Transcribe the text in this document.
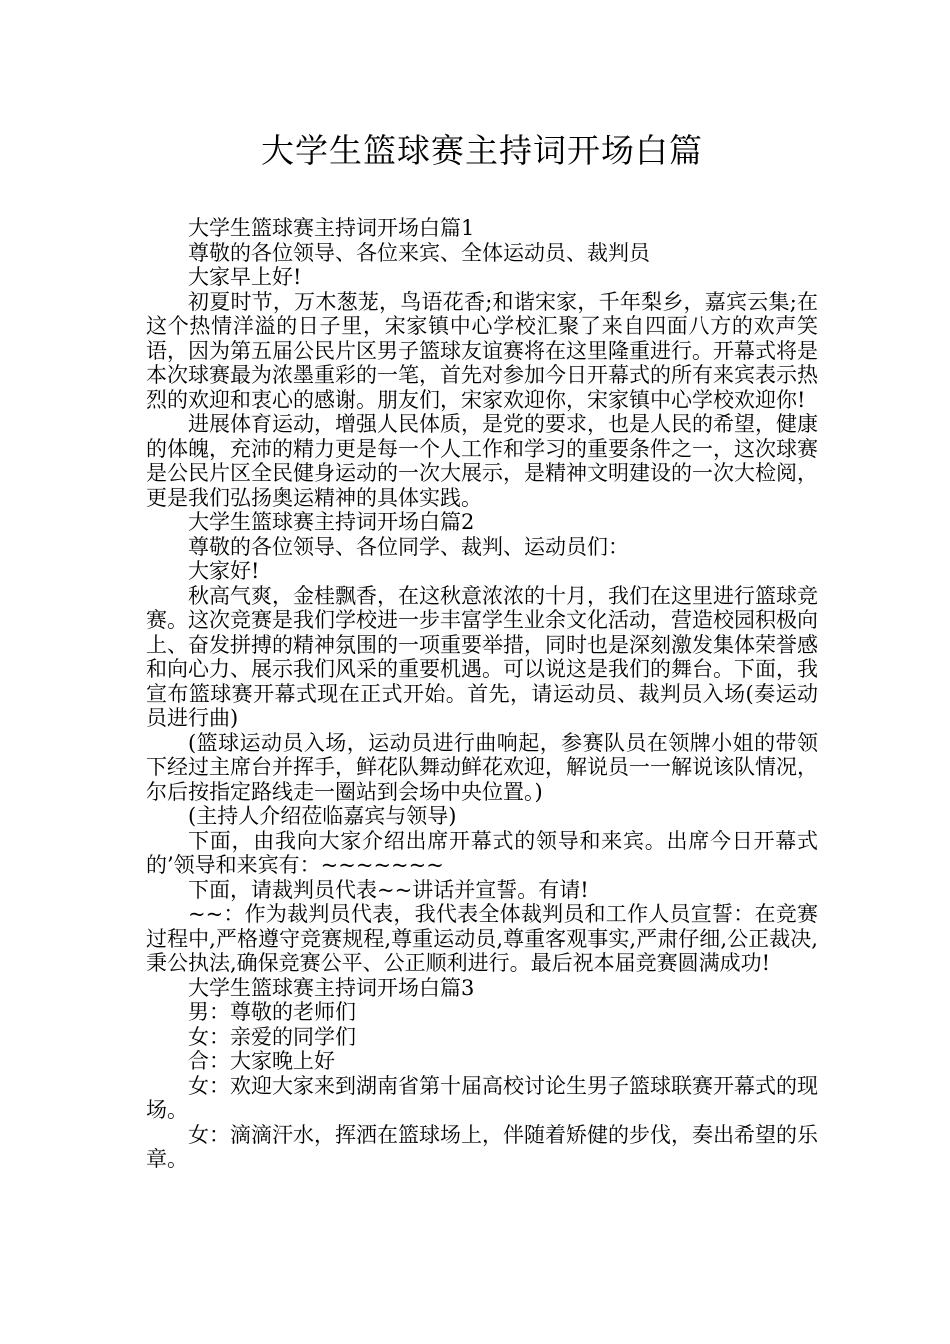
大学生篮球赛主持词开场白篇

大学生篮球赛主持词开场白篇1

尊敬的各位领导、各位来宾、全体运动员、裁判员

大家早上好!

初夏时节，万木葱茏，鸟语花香;和谐宋家，千年梨乡，嘉宾云集;在这个热情洋溢的日子里，宋家镇中心学校汇聚了来自四面八方的欢声笑语，因为第五届公民片区男子篮球友谊赛将在这里隆重进行。开幕式将是本次球赛最为浓墨重彩的一笔，首先对参加今日开幕式的所有来宾表示热烈的欢迎和衷心的感谢。朋友们，宋家欢迎你，宋家镇中心学校欢迎你!

进展体育运动，增强人民体质，是党的要求，也是人民的希望，健康的体魄，充沛的精力更是每一个人工作和学习的重要条件之一，这次球赛是公民片区全民健身运动的一次大展示，是精神文明建设的一次大检阅，更是我们弘扬奥运精神的具体实践。

大学生篮球赛主持词开场白篇2

尊敬的各位领导、各位同学、裁判、运动员们：

大家好!

秋高气爽，金桂飘香，在这秋意浓浓的十月，我们在这里进行篮球竞赛。这次竞赛是我们学校进一步丰富学生业余文化活动，营造校园积极向上、奋发拼搏的精神氛围的一项重要举措，同时也是深刻激发集体荣誉感和向心力、展示我们风采的重要机遇。可以说这是我们的舞台。下面，我宣布篮球赛开幕式现在正式开始。首先，请运动员、裁判员入场(奏运动员进行曲)

(篮球运动员入场，运动员进行曲响起，参赛队员在领牌小姐的带领下经过主席台并挥手，鲜花队舞动鲜花欢迎，解说员一一解说该队情况，尔后按指定路线走一圈站到会场中央位置。)

(主持人介绍莅临嘉宾与领导)

下面，由我向大家介绍出席开幕式的领导和来宾。出席今日开幕式的’领导和来宾有：~~~~~~~

下面，请裁判员代表~~讲话并宣誓。有请!

~~：作为裁判员代表，我代表全体裁判员和工作人员宣誓：在竞赛过程中,严格遵守竞赛规程,尊重运动员,尊重客观事实,严肃仔细,公正裁决,秉公执法,确保竞赛公平、公正顺利进行。最后祝本届竞赛圆满成功!

大学生篮球赛主持词开场白篇3

男：尊敬的老师们

女：亲爱的同学们

合：大家晚上好

女：欢迎大家来到湖南省第十届高校讨论生男子篮球联赛开幕式的现场。

女：滴滴汗水，挥洒在篮球场上，伴随着矫健的步伐，奏出希望的乐章。
